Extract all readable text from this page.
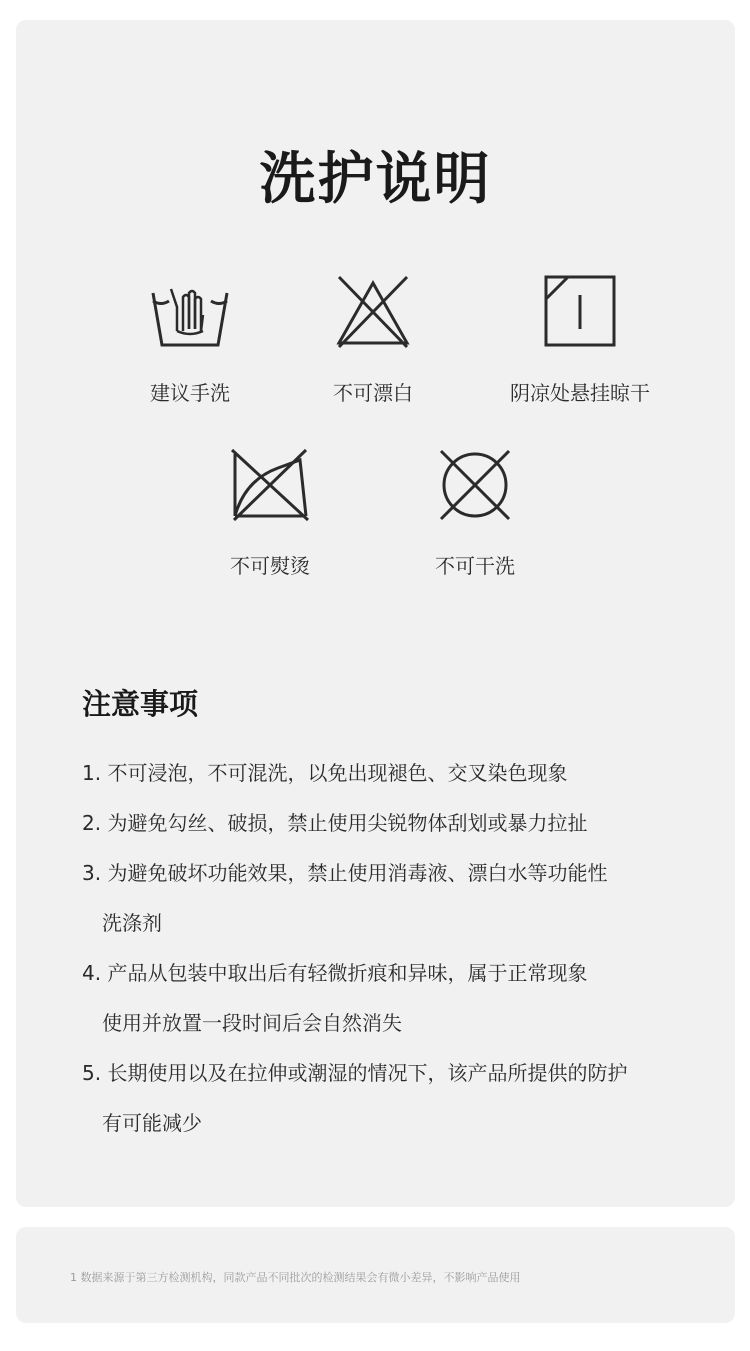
洗护说明
建议手洗	不可漂白	阴凉处悬挂晾干
不可熨烫	不可干洗
注意事项
1. 不可浸泡，不可混洗，以免出现褪色、交叉染色现象
2. 为避免勾丝、破损，禁止使用尖锐物体刮划或暴力拉扯
3. 为避免破坏功能效果，禁止使用消毒液、漂白水等功能性
洗涤剂
4. 产品从包装中取出后有轻微折痕和异味，属于正常现象
使用并放置一段时间后会自然消失
5. 长期使用以及在拉伸或潮湿的情况下，该产品所提供的防护
有可能减少
1 数据来源于第三方检测机构，同款产品不同批次的检测结果会有微小差异，不影响产品使用
